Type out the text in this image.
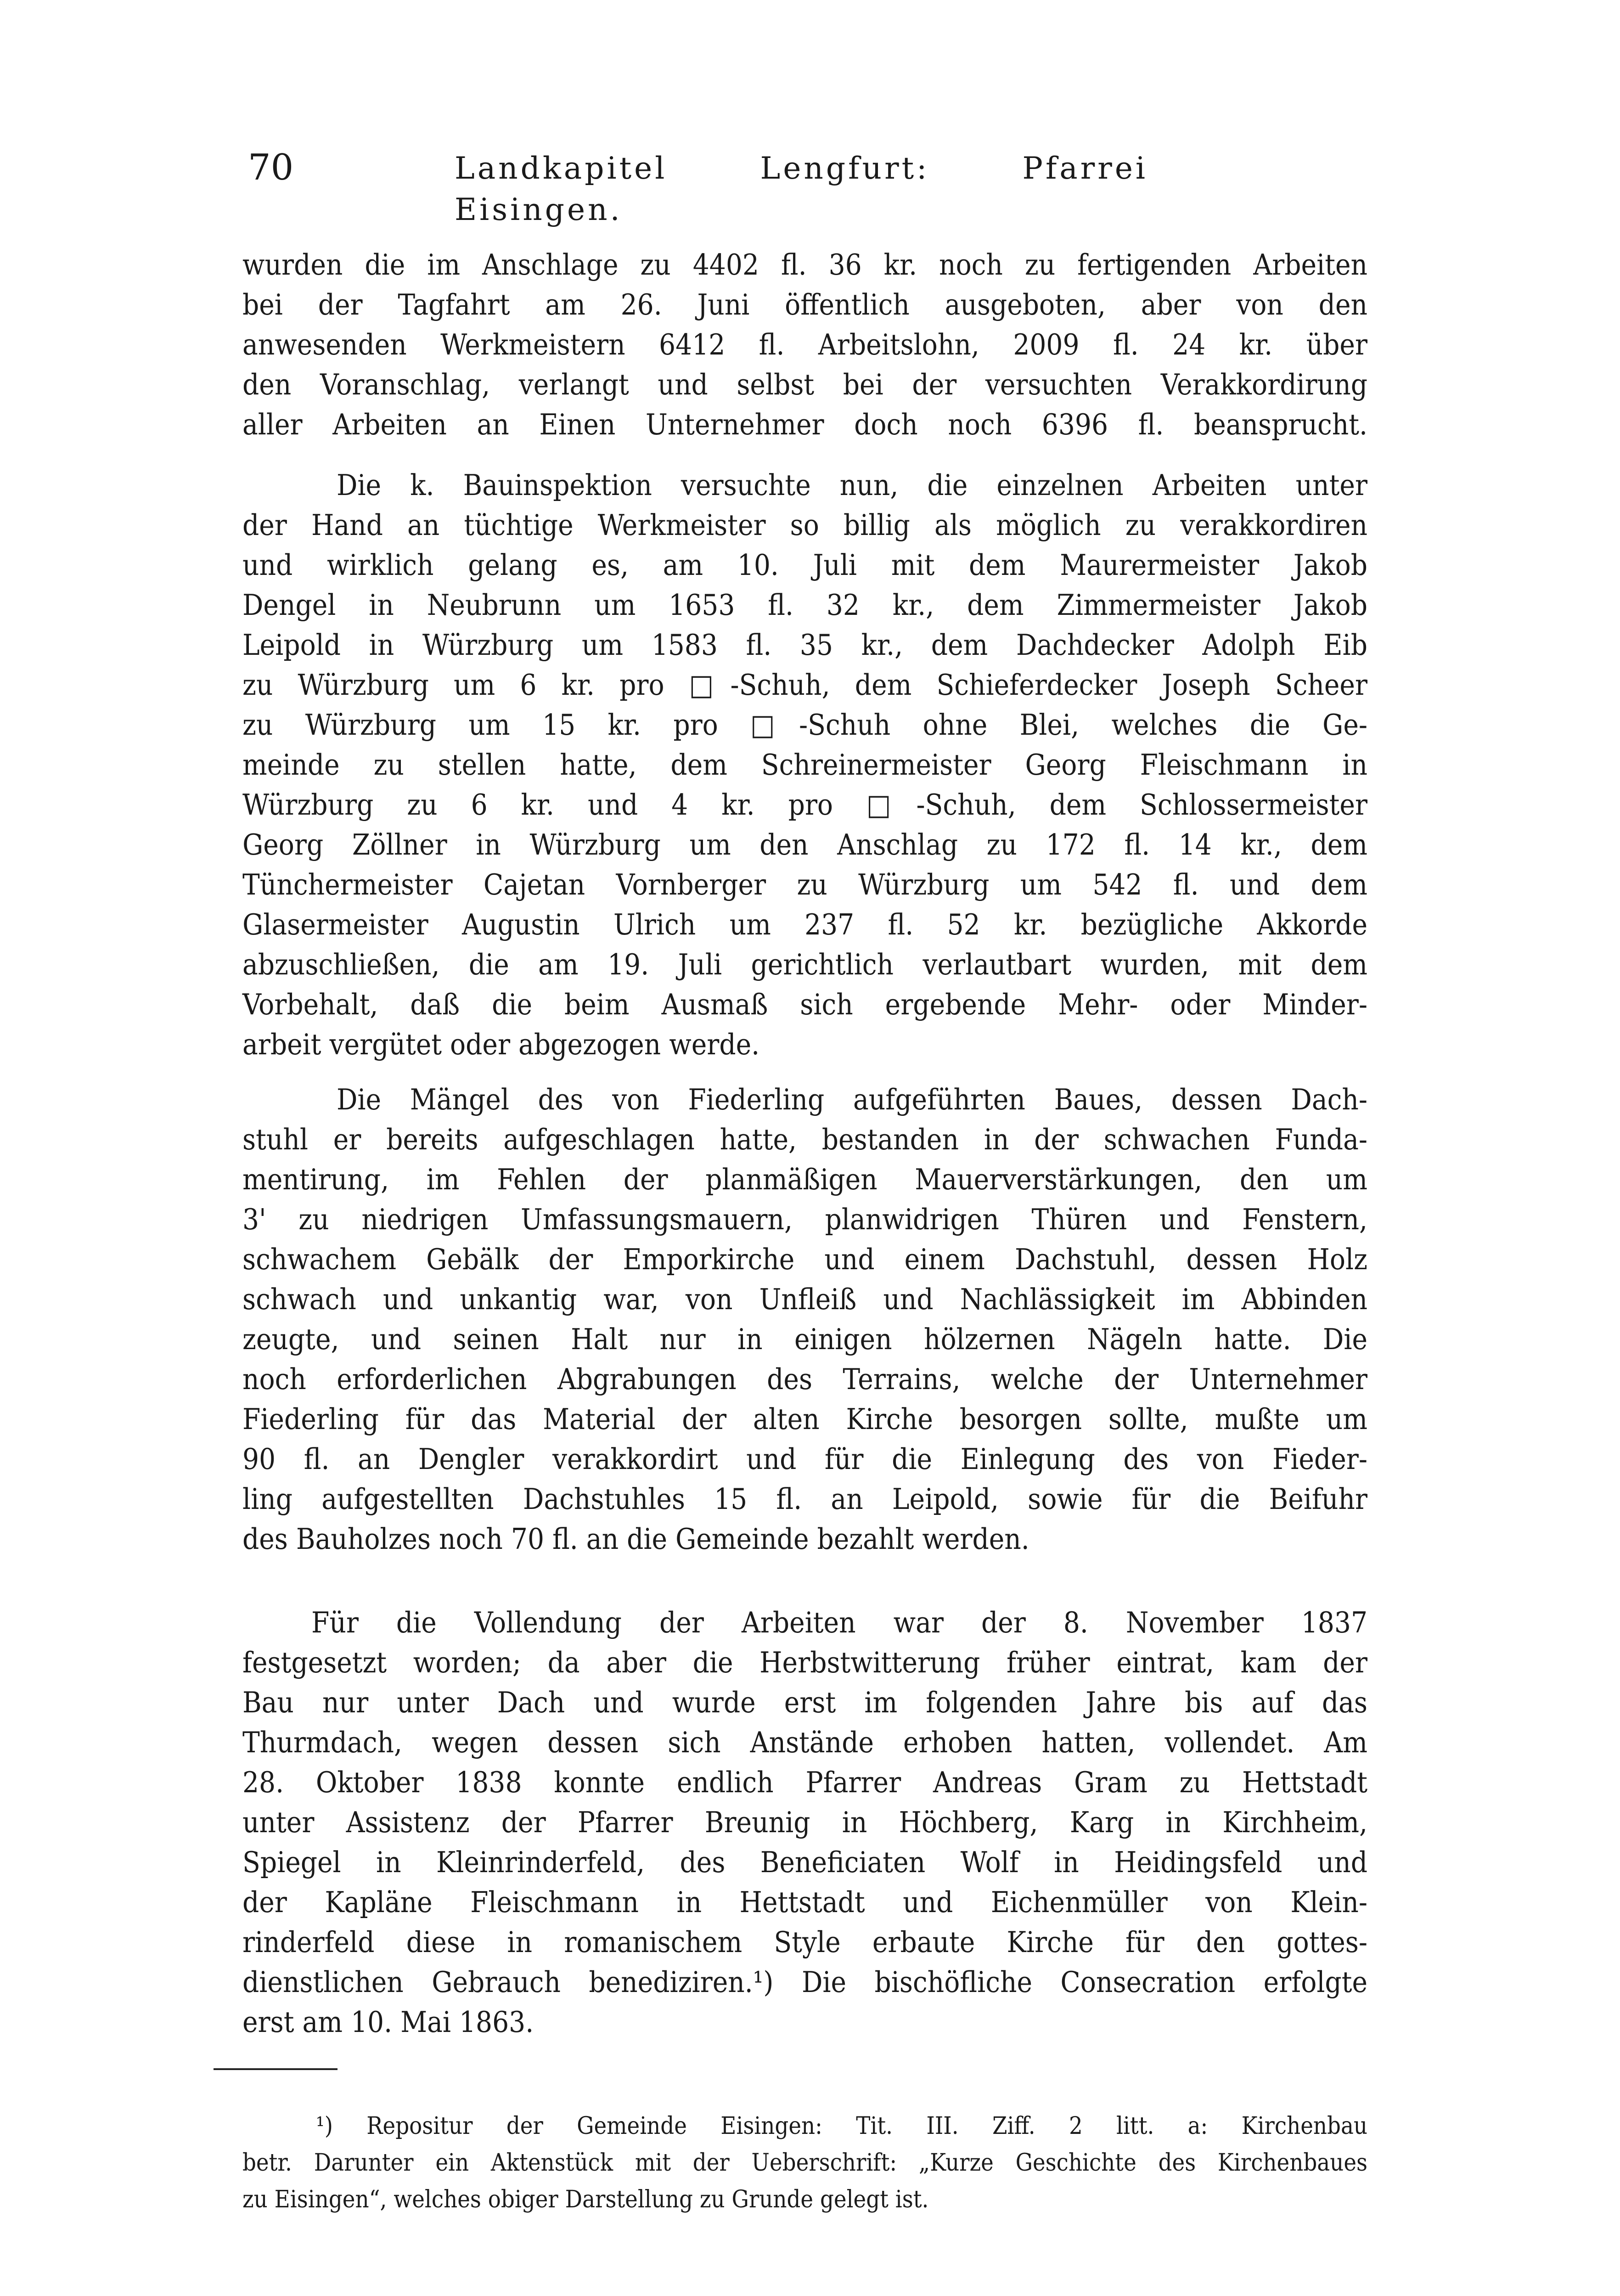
70	Landkapitel Lengfurt: Pfarrei Eisingen.
wurden die im Anschlage zu 4402 fl. 36 kr. noch zu fertigenden Arbeiten
bei der Tagfahrt am 26. Juni öffentlich ausgeboten, aber von den
anwesenden Werkmeistern 6412 fl. Arbeitslohn, 2009 fl. 24 kr. über
den Voranschlag, verlangt und selbst bei der versuchten Verakkordirung
aller Arbeiten an Einen Unternehmer doch noch 6396 fl. beansprucht.
Die k. Bauinspektion versuchte nun, die einzelnen Arbeiten unter
der Hand an tüchtige Werkmeister so billig als möglich zu verakkordiren
und wirklich gelang es, am 10. Juli mit dem Maurermeister Jakob
Dengel in Neubrunn um 1653 fl. 32 kr., dem Zimmermeister Jakob
Leipold in Würzburg um 1583 fl. 35 kr., dem Dachdecker Adolph Eib
zu Würzburg um 6 kr. pro □-Schuh, dem Schieferdecker Joseph Scheer
zu Würzburg um 15 kr. pro □-Schuh ohne Blei, welches die Ge-
meinde zu stellen hatte, dem Schreinermeister Georg Fleischmann in
Würzburg zu 6 kr. und 4 kr. pro □-Schuh, dem Schlossermeister
Georg Zöllner in Würzburg um den Anschlag zu 172 fl. 14 kr., dem
Tünchermeister Cajetan Vornberger zu Würzburg um 542 fl. und dem
Glasermeister Augustin Ulrich um 237 fl. 52 kr. bezügliche Akkorde
abzuschließen, die am 19. Juli gerichtlich verlautbart wurden, mit dem
Vorbehalt, daß die beim Ausmaß sich ergebende Mehr- oder Minder-
arbeit vergütet oder abgezogen werde.
Die Mängel des von Fiederling aufgeführten Baues, dessen Dach-
stuhl er bereits aufgeschlagen hatte, bestanden in der schwachen Funda-
mentirung, im Fehlen der planmäßigen Mauerverstärkungen, den um
3' zu niedrigen Umfassungsmauern, planwidrigen Thüren und Fenstern,
schwachem Gebälk der Emporkirche und einem Dachstuhl, dessen Holz
schwach und unkantig war, von Unfleiß und Nachlässigkeit im Abbinden
zeugte, und seinen Halt nur in einigen hölzernen Nägeln hatte. Die
noch erforderlichen Abgrabungen des Terrains, welche der Unternehmer
Fiederling für das Material der alten Kirche besorgen sollte, mußte um
90 fl. an Dengler verakkordirt und für die Einlegung des von Fieder-
ling aufgestellten Dachstuhles 15 fl. an Leipold, sowie für die Beifuhr
des Bauholzes noch 70 fl. an die Gemeinde bezahlt werden.
Für die Vollendung der Arbeiten war der 8. November 1837
festgesetzt worden; da aber die Herbstwitterung früher eintrat, kam der
Bau nur unter Dach und wurde erst im folgenden Jahre bis auf das
Thurmdach, wegen dessen sich Anstände erhoben hatten, vollendet. Am
28. Oktober 1838 konnte endlich Pfarrer Andreas Gram zu Hettstadt
unter Assistenz der Pfarrer Breunig in Höchberg, Karg in Kirchheim,
Spiegel in Kleinrinderfeld, des Beneficiaten Wolf in Heidingsfeld und
der Kapläne Fleischmann in Hettstadt und Eichenmüller von Klein-
rinderfeld diese in romanischem Style erbaute Kirche für den gottes-
dienstlichen Gebrauch benediziren.¹) Die bischöfliche Consecration erfolgte
erst am 10. Mai 1863.
¹) Repositur der Gemeinde Eisingen: Tit. III. Ziff. 2 litt. a: Kirchenbau
betr. Darunter ein Aktenstück mit der Ueberschrift: „Kurze Geschichte des Kirchenbaues
zu Eisingen“, welches obiger Darstellung zu Grunde gelegt ist.
